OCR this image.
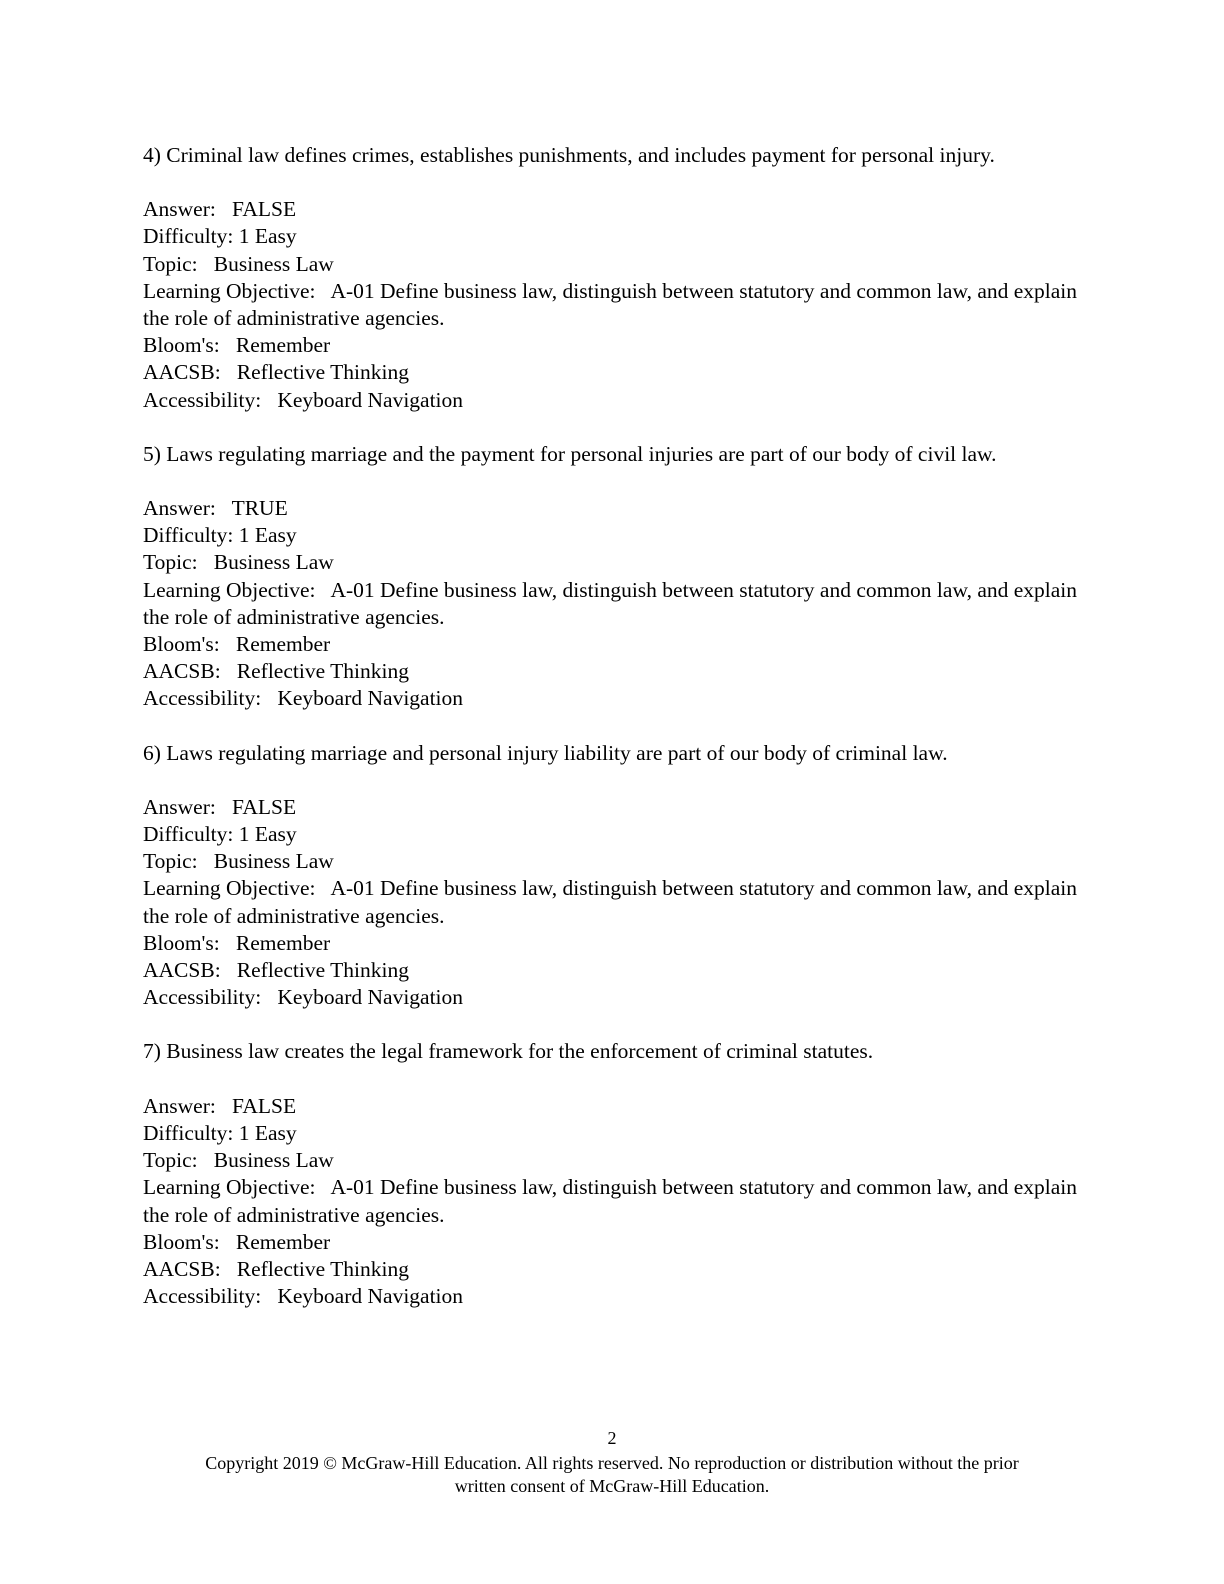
4) Criminal law defines crimes, establishes punishments, and includes payment for personal injury.

Answer:   FALSE

Difficulty: 1 Easy

Topic:   Business Law

Learning Objective:   A-01 Define business law, distinguish between statutory and common law, and explain the role of administrative agencies.

Bloom's:   Remember

AACSB:   Reflective Thinking

Accessibility:   Keyboard Navigation

5) Laws regulating marriage and the payment for personal injuries are part of our body of civil law.

Answer:   TRUE

Difficulty: 1 Easy

Topic:   Business Law

Learning Objective:   A-01 Define business law, distinguish between statutory and common law, and explain the role of administrative agencies.

Bloom's:   Remember

AACSB:   Reflective Thinking

Accessibility:   Keyboard Navigation

6) Laws regulating marriage and personal injury liability are part of our body of criminal law.

Answer:   FALSE

Difficulty: 1 Easy

Topic:   Business Law

Learning Objective:   A-01 Define business law, distinguish between statutory and common law, and explain the role of administrative agencies.

Bloom's:   Remember

AACSB:   Reflective Thinking

Accessibility:   Keyboard Navigation

7) Business law creates the legal framework for the enforcement of criminal statutes.

Answer:   FALSE

Difficulty: 1 Easy

Topic:   Business Law

Learning Objective:   A-01 Define business law, distinguish between statutory and common law, and explain the role of administrative agencies.

Bloom's:   Remember

AACSB:   Reflective Thinking

Accessibility:   Keyboard Navigation

2
Copyright 2019 © McGraw-Hill Education. All rights reserved. No reproduction or distribution without the prior
written consent of McGraw-Hill Education.
